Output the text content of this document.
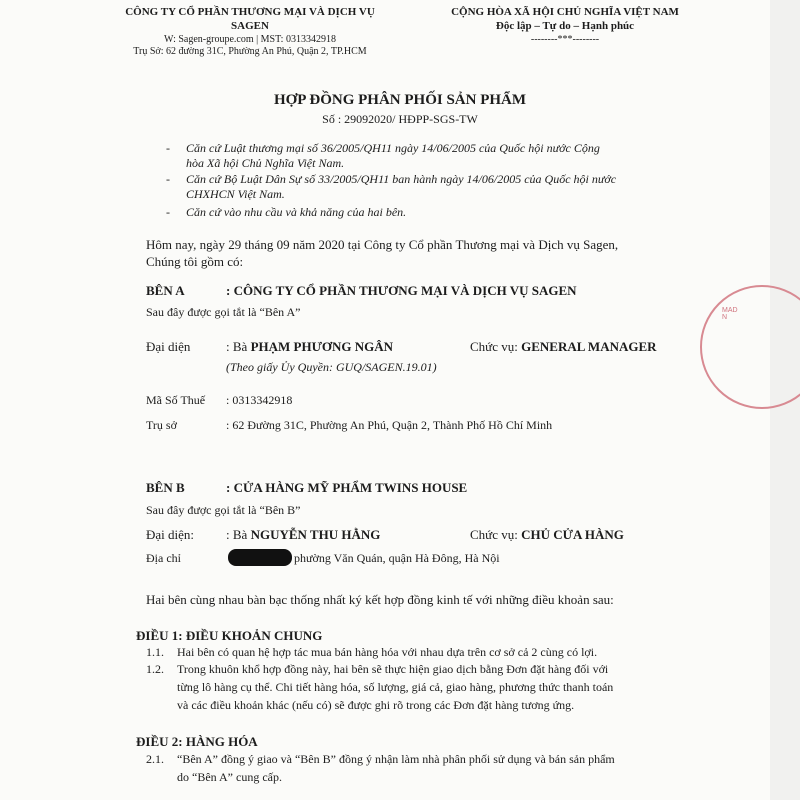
CÔNG TY CỔ PHẦN THƯƠNG MẠI VÀ DỊCH VỤ
SAGEN
W: Sagen-groupe.com | MST: 0313342918
Trụ Sở: 62 đường 31C, Phường An Phú, Quận 2, TP.HCM
CỘNG HÒA XÃ HỘI CHỦ NGHĨA VIỆT NAM
Độc lập – Tự do – Hạnh phúc
--------***--------
HỢP ĐỒNG PHÂN PHỐI SẢN PHẨM
Số : 29092020/ HĐPP-SGS-TW
- Căn cứ Luật thương mại số 36/2005/QH11 ngày 14/06/2005 của Quốc hội nước Cộng
hòa Xã hội Chủ Nghĩa Việt Nam.
- Căn cứ Bộ Luật Dân Sự số 33/2005/QH11 ban hành ngày 14/06/2005 của Quốc hội nước
CHXHCN Việt Nam.
- Căn cứ vào nhu cầu và khả năng của hai bên.
Hôm nay, ngày 29 tháng 09 năm 2020 tại Công ty Cổ phần Thương mại và Dịch vụ Sagen,
Chúng tôi gồm có:
BÊN A	: CÔNG TY CỔ PHẦN THƯƠNG MẠI VÀ DỊCH VỤ SAGEN
Sau đây được gọi tắt là “Bên A”
Đại diện	: Bà PHẠM PHƯƠNG NGÂN	Chức vụ: GENERAL MANAGER
(Theo giấy Ủy Quyền: GUQ/SAGEN.19.01)
Mã Số Thuế : 0313342918
Trụ sở	: 62 Đường 31C, Phường An Phú, Quận 2, Thành Phố Hồ Chí Minh
MADN
BÊN B	: CỬA HÀNG MỸ PHẨM TWINS HOUSE
Sau đây được gọi tắt là “Bên B”
Đại diện: : Bà NGUYỄN THU HẰNG	Chức vụ: CHỦ CỬA HÀNG
Địa chỉ	phường Văn Quán, quận Hà Đông, Hà Nội
Hai bên cùng nhau bàn bạc thống nhất ký kết hợp đồng kinh tế với những điều khoản sau:
ĐIỀU 1: ĐIỀU KHOẢN CHUNG
1.1. Hai bên có quan hệ hợp tác mua bán hàng hóa với nhau dựa trên cơ sở cả 2 cùng có lợi.
1.2. Trong khuôn khổ hợp đồng này, hai bên sẽ thực hiện giao dịch bằng Đơn đặt hàng đối với
từng lô hàng cụ thể. Chi tiết hàng hóa, số lượng, giá cả, giao hàng, phương thức thanh toán
và các điều khoản khác (nếu có) sẽ được ghi rõ trong các Đơn đặt hàng tương ứng.
ĐIỀU 2: HÀNG HÓA
2.1. “Bên A” đồng ý giao và “Bên B” đồng ý nhận làm nhà phân phối sử dụng và bán sản phẩm
do “Bên A” cung cấp.
